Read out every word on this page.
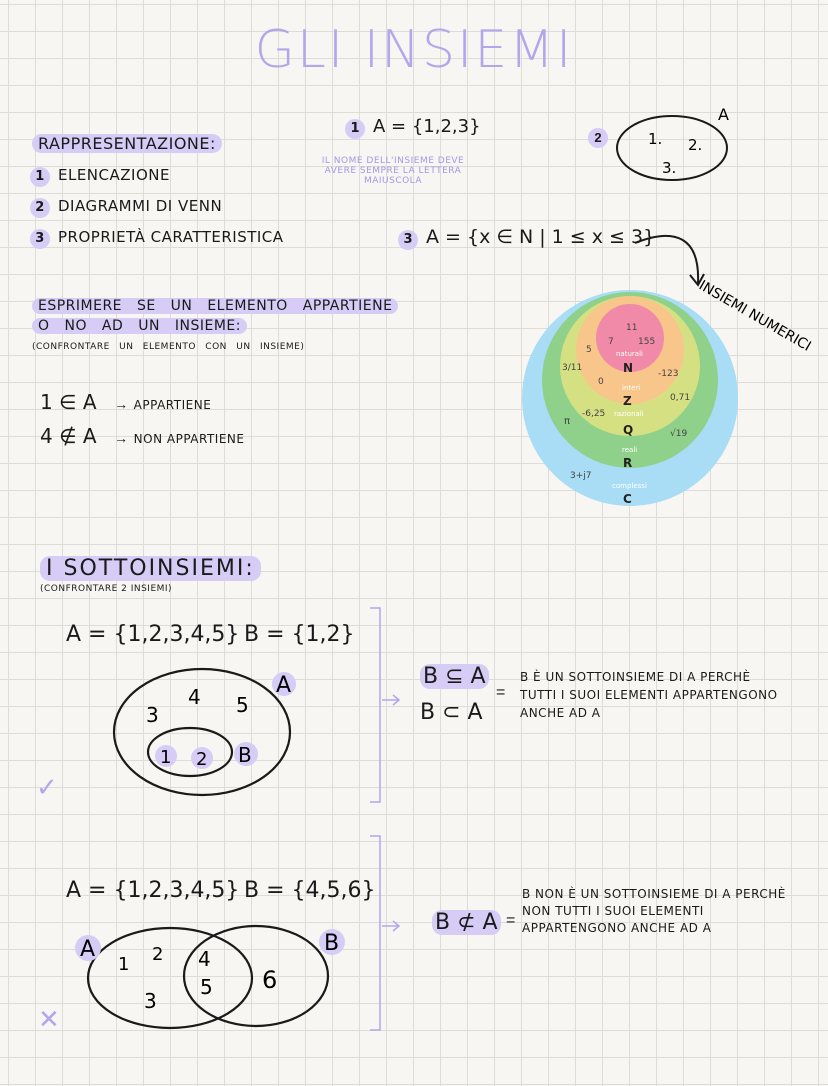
GLI INSIEMI
RAPPRESENTAZIONE:
1 ELENCAZIONE
2 DIAGRAMMI DI VENN
3 PROPRIETÀ CARATTERISTICA
1 A = {1,2,3}
IL NOME DELL'INSIEME DEVE AVERE SEMPRE LA LETTERA MAIUSCOLA
2
A
1. 2.
3.
3 A = {x ∈ N | 1 ≤ x ≤ 3}
11
7	155
5	naturali
N
0
-123
interi
Z
3/11
0,71
-6,25 razionali
Q
π
√19
reali
R
3+j7
complessi
C
INSIEMI NUMERICI
ESPRIMERE SE UN ELEMENTO APPARTIENE
O NO AD UN INSIEME:
(CONFRONTARE UN ELEMENTO CON UN INSIEME)
1 ∈ A → APPARTIENE
4 ∉ A → NON APPARTIENE
I SOTTOINSIEMI:
(CONFRONTARE 2 INSIEMI)
A = {1,2,3,4,5} B = {1,2}
A
B
3
4 5
1 2
✓
B ⊆ A
B ⊂ A
=
B È UN SOTTOINSIEME DI A PERCHÈ TUTTI I SUOI ELEMENTI APPARTENGONO ANCHE AD A
A = {1,2,3,4,5} B = {4,5,6}
A	B
1 2
3
4
5 6
✕
B ⊄ A =
B NON È UN SOTTOINSIEME DI A PERCHÈ NON TUTTI I SUOI ELEMENTI APPARTENGONO ANCHE AD A
